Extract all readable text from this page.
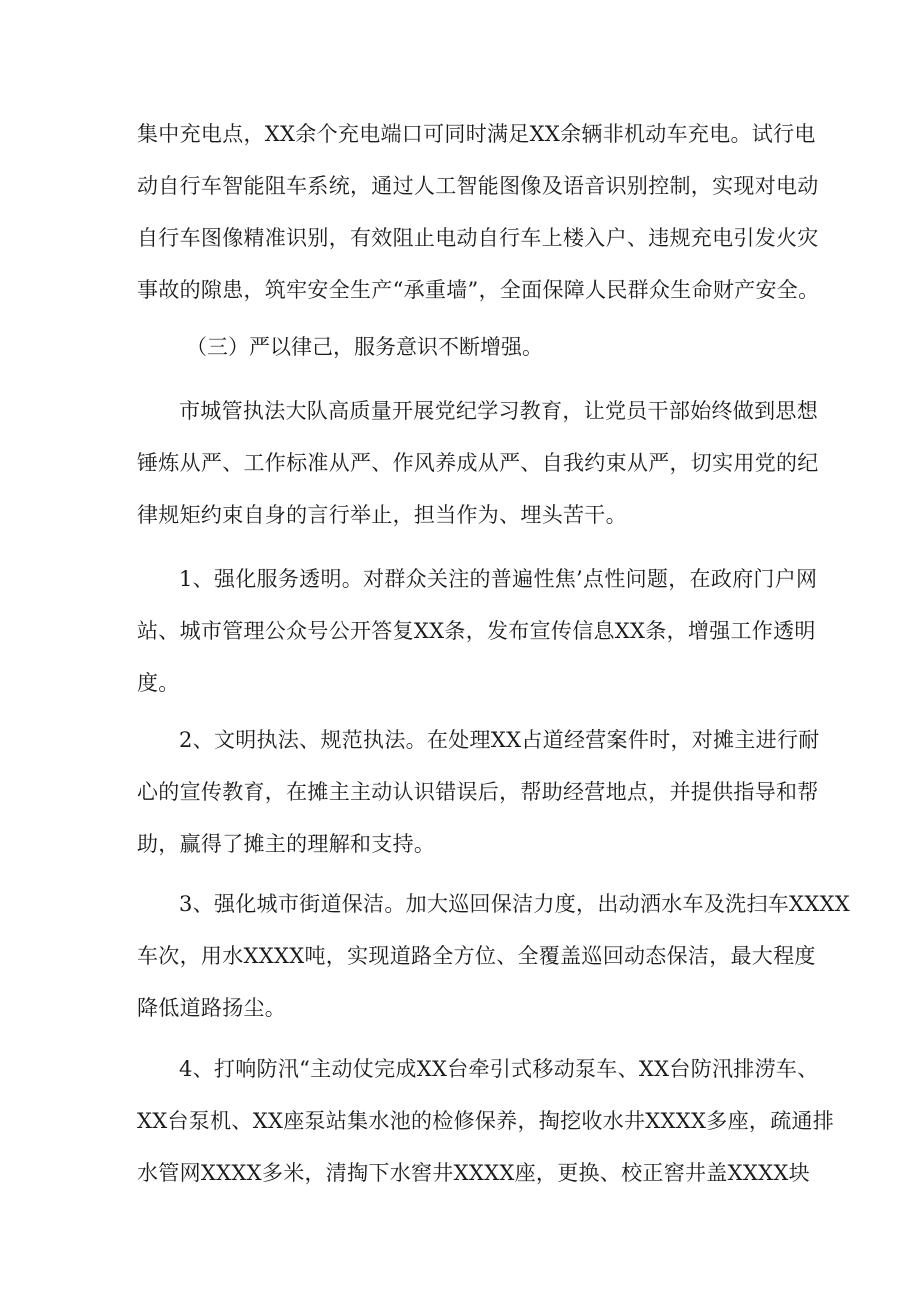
集中充电点，XX余个充电端口可同时满足XX余辆非机动车充电。试行电
动自行车智能阻车系统，通过人工智能图像及语音识别控制，实现对电动
自行车图像精准识别，有效阻止电动自行车上楼入户、违规充电引发火灾
事故的隙患，筑牢安全生产“承重墙”，全面保障人民群众生命财产安全。
（三）严以律己，服务意识不断增强。
市城管执法大队高质量开展党纪学习教育，让党员干部始终做到思想
锤炼从严、工作标准从严、作风养成从严、自我约束从严，切实用党的纪
律规矩约束自身的言行举止，担当作为、埋头苦干。
1、强化服务透明。对群众关注的普遍性焦’点性问题，在政府门户网
站、城市管理公众号公开答复XX条，发布宣传信息XX条，增强工作透明
度。
2、文明执法、规范执法。在处理XX占道经营案件时，对摊主进行耐
心的宣传教育，在摊主主动认识错误后，帮助经营地点，并提供指导和帮
助，赢得了摊主的理解和支持。
3、强化城市街道保洁。加大巡回保洁力度，出动洒水车及洗扫车XXXX
车次，用水XXXX吨，实现道路全方位、全覆盖巡回动态保洁，最大程度
降低道路扬尘。
4、打响防汛“主动仗完成XX台牵引式移动泵车、XX台防汛排涝车、
XX台泵机、XX座泵站集水池的检修保养，掏挖收水井XXXX多座，疏通排
水管网XXXX多米，清掏下水窖井XXXX座，更换、校正窖井盖XXXX块
